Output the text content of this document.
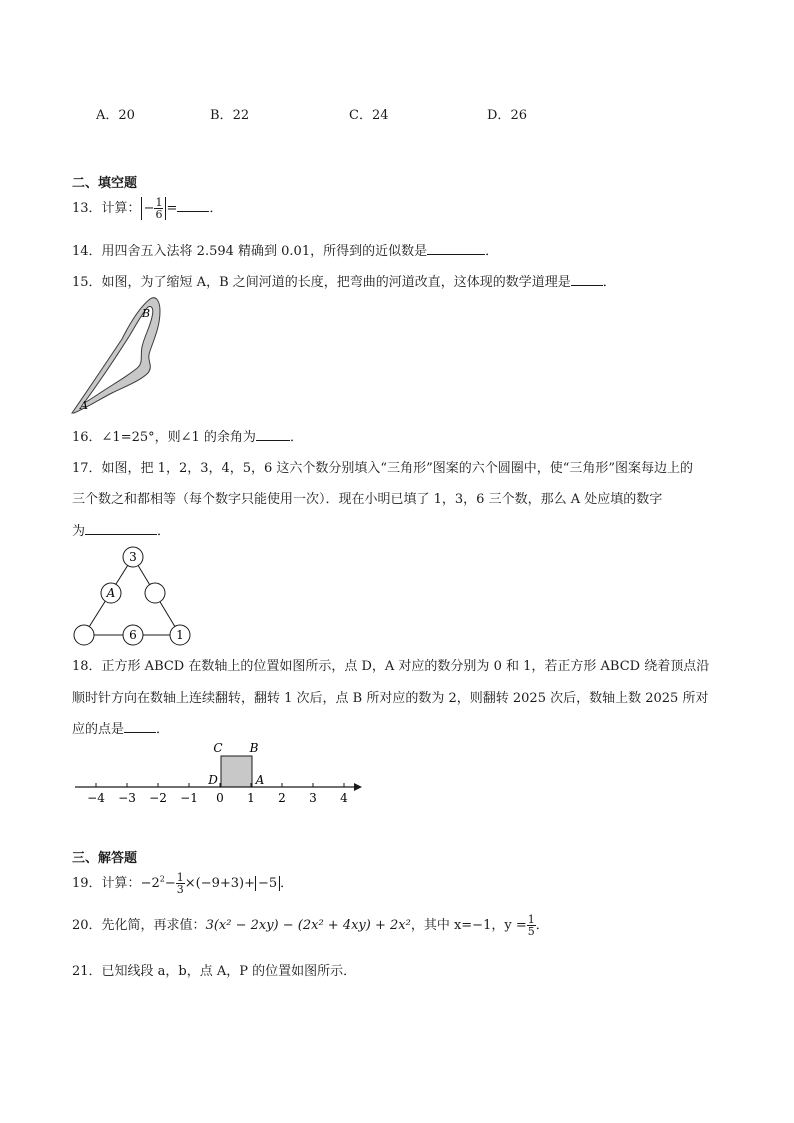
A．20	B．22	C．24	D．26
二、填空题
13．计算： − $\frac{1}{6}$ = ．
14．用四舍五入法将 2.594 精确到 0.01，所得到的近似数是	．
15．如图，为了缩短 A，B 之间河道的长度，把弯曲的河道改直，这体现的数学道理是 ．
A
B
16．∠1=25°，则∠1 的余角为	．
17．如图，把 1，2，3，4，5，6 这六个数分别填入“三角形”图案的六个圆圈中，使“三角形”图案每边上的
三个数之和都相等（每个数字只能使用一次）．现在小明已填了 1，3，6 三个数，那么 A 处应填的数字
为	．
3
A
6	1
18．正方形 ABCD 在数轴上的位置如图所示，点 D，A 对应的数分别为 0 和 1，若正方形 ABCD 绕着顶点沿
顺时针方向在数轴上连续翻转，翻转 1 次后，点 B 所对应的数为 2，则翻转 2025 次后，数轴上数 2025 所对
应的点是 ．
−4 −3 −2 −1 0 1 2 3 4
C B
D	A
三、解答题
19．计算：$-2^2- \frac{1}{3} \times(-9+3)+ -5$ ．
20．先化简，再求值：3(x² − 2xy) − (2x² + 4xy) + 2x²，其中 x=−1，$y = \frac{1}{5}$ ．
21．已知线段 a，b，点 A，P 的位置如图所示．
